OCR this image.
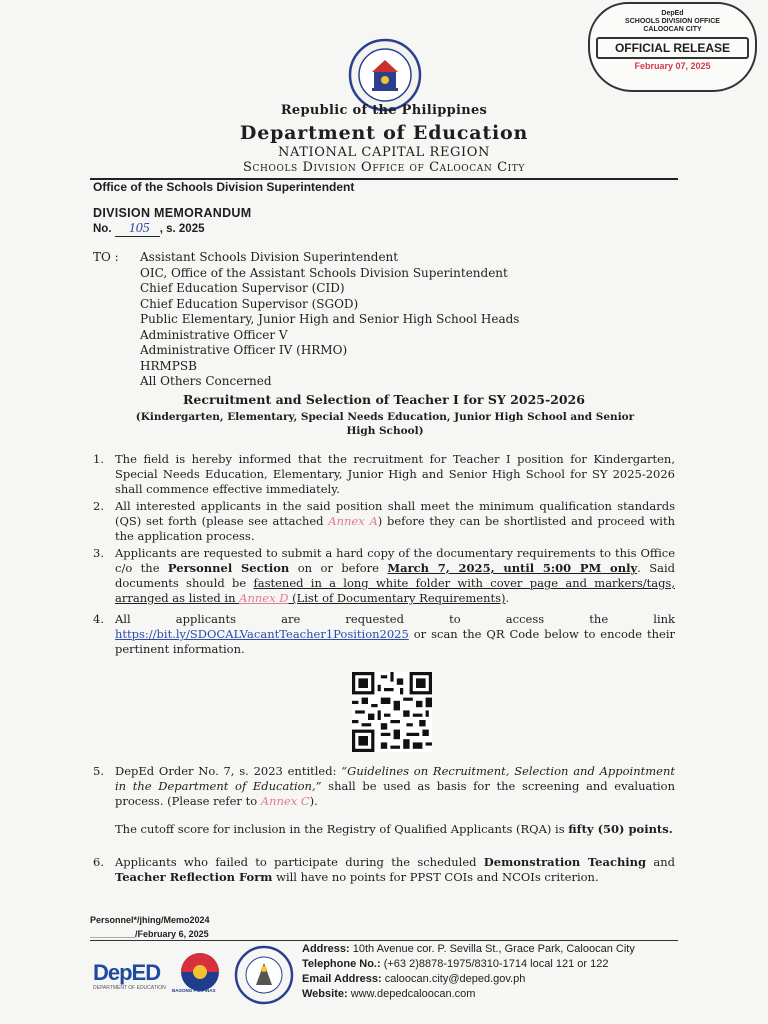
DepEd
SCHOOLS DIVISION OFFICE
CALOOCAN CITY
OFFICIAL RELEASE
February 07, 2025
Republic of the Philippines
Department of Education
NATIONAL CAPITAL REGION
Schools Division Office of Caloocan City
Office of the Schools Division Superintendent
DIVISION MEMORANDUM
No. 105 , s. 2025
TO : Assistant Schools Division Superintendent
OIC, Office of the Assistant Schools Division Superintendent
Chief Education Supervisor (CID)
Chief Education Supervisor (SGOD)
Public Elementary, Junior High and Senior High School Heads
Administrative Officer V
Administrative Officer IV (HRMO)
HRMPSB
All Others Concerned
Recruitment and Selection of Teacher I for SY 2025-2026
(Kindergarten, Elementary, Special Needs Education, Junior High School and Senior High School)
1. The field is hereby informed that the recruitment for Teacher I position for Kindergarten, Special Needs Education, Elementary, Junior High and Senior High School for SY 2025-2026 shall commence effective immediately.
2. All interested applicants in the said position shall meet the minimum qualification standards (QS) set forth (please see attached Annex A) before they can be shortlisted and proceed with the application process.
3. Applicants are requested to submit a hard copy of the documentary requirements to this Office c/o the Personnel Section on or before March 7, 2025, until 5:00 PM only. Said documents should be fastened in a long white folder with cover page and markers/tags, arranged as listed in Annex D (List of Documentary Requirements).
4. All applicants are requested to access the link https://bit.ly/SDOCALVacantTeacher1Position2025 or scan the QR Code below to encode their pertinent information.
5. DepEd Order No. 7, s. 2023 entitled: “Guidelines on Recruitment, Selection and Appointment in the Department of Education,” shall be used as basis for the screening and evaluation process. (Please refer to Annex C).
The cutoff score for inclusion in the Registry of Qualified Applicants (RQA) is fifty (50) points.
6. Applicants who failed to participate during the scheduled Demonstration Teaching and Teacher Reflection Form will have no points for PPST COIs and NCOIs criterion.
Personnel*/jhing/Memo2024
_________/February 6, 2025
DepED
DEPARTMENT OF EDUCATION BAGONG PILIPINAS
Address: 10th Avenue cor. P. Sevilla St., Grace Park, Caloocan City
Telephone No.: (+63 2)8878-1975/8310-1714 local 121 or 122
Email Address: caloocan.city@deped.gov.ph
Website: www.depedcaloocan.com
